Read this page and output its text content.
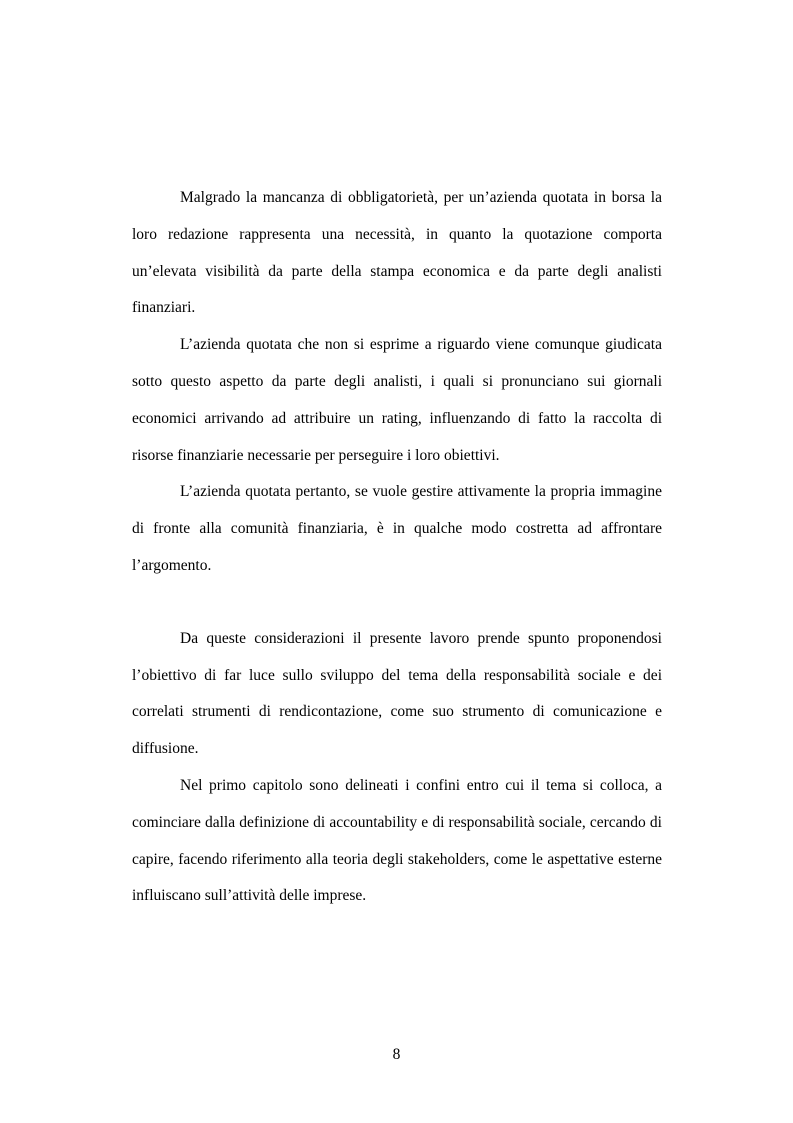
Malgrado la mancanza di obbligatorietà, per un’azienda quotata in borsa la loro redazione rappresenta una necessità, in quanto la quotazione comporta un’elevata visibilità da parte della stampa economica e da parte degli analisti finanziari.

L’azienda quotata che non si esprime a riguardo viene comunque giudicata sotto questo aspetto da parte degli analisti, i quali si pronunciano sui giornali economici arrivando ad attribuire un rating, influenzando di fatto la raccolta di risorse finanziarie necessarie per perseguire i loro obiettivi.

L’azienda quotata pertanto, se vuole gestire attivamente la propria immagine di fronte alla comunità finanziaria, è in qualche modo costretta ad affrontare l’argomento.

Da queste considerazioni il presente lavoro prende spunto proponendosi l’obiettivo di far luce sullo sviluppo del tema della responsabilità sociale e dei correlati strumenti di rendicontazione, come suo strumento di comunicazione e diffusione.

Nel primo capitolo sono delineati i confini entro cui il tema si colloca, a cominciare dalla definizione di accountability e di responsabilità sociale, cercando di capire, facendo riferimento alla teoria degli stakeholders, come le aspettative esterne influiscano sull’attività delle imprese.

8
